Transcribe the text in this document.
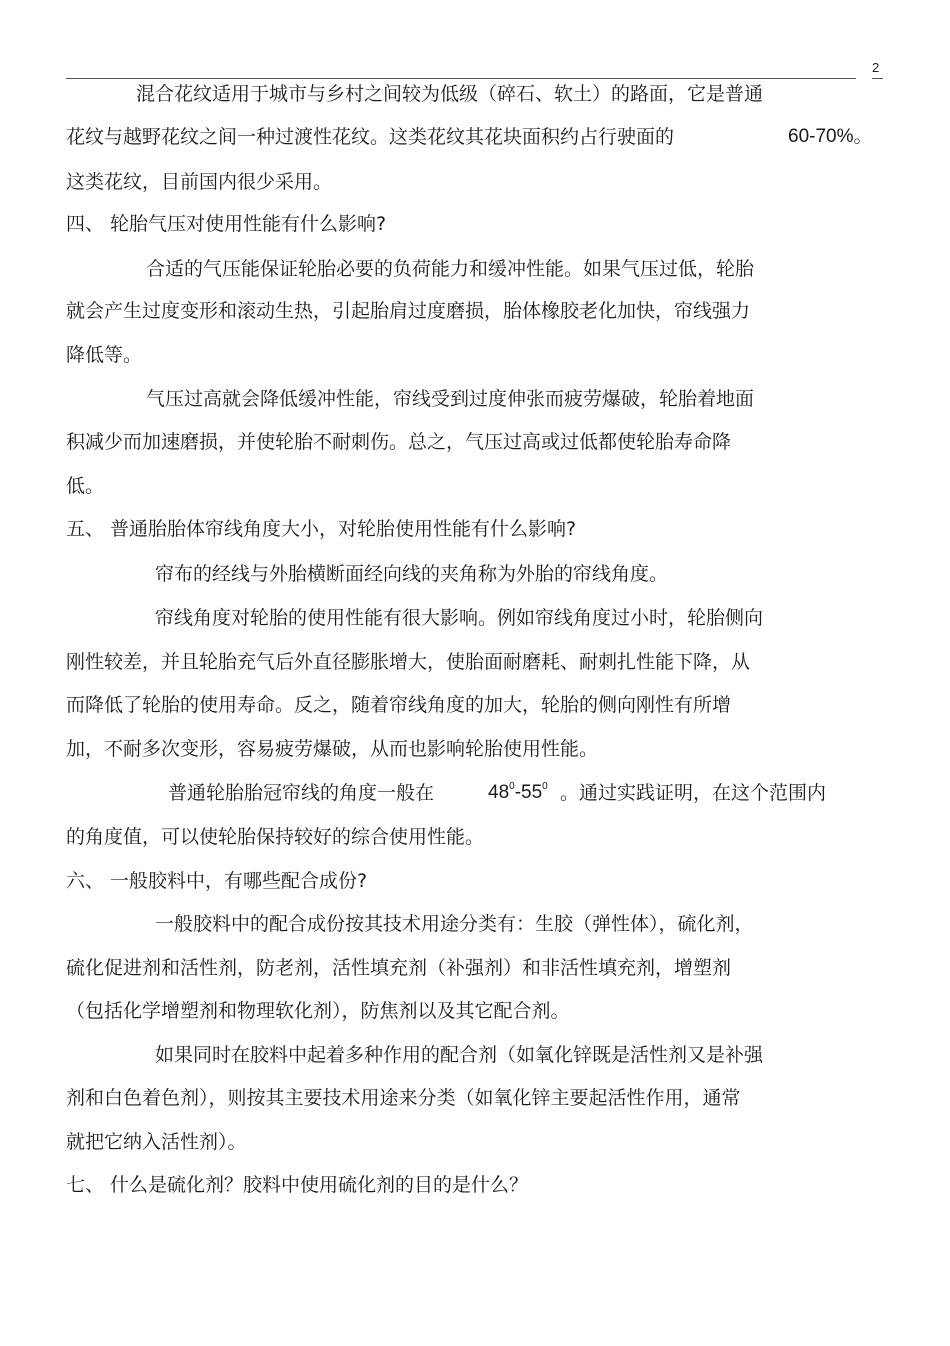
2
混合花纹适用于城市与乡村之间较为低级（碎石、软土）的路面，它是普通
花纹与越野花纹之间一种过渡性花纹。这类花纹其花块面积约占行驶面的	60-70%。
这类花纹，目前国内很少采用。
四、 轮胎气压对使用性能有什么影响?
合适的气压能保证轮胎必要的负荷能力和缓冲性能。如果气压过低，轮胎
就会产生过度变形和滚动生热，引起胎肩过度磨损，胎体橡胶老化加快，帘线强力
降低等。
气压过高就会降低缓冲性能，帘线受到过度伸张而疲劳爆破，轮胎着地面
积减少而加速磨损，并使轮胎不耐刺伤。总之，气压过高或过低都使轮胎寿命降
低。
五、 普通胎胎体帘线角度大小，对轮胎使用性能有什么影响?
帘布的经线与外胎横断面经向线的夹角称为外胎的帘线角度。
帘线角度对轮胎的使用性能有很大影响。例如帘线角度过小时，轮胎侧向
刚性较差，并且轮胎充气后外直径膨胀增大，使胎面耐磨耗、耐刺扎性能下降，从
而降低了轮胎的使用寿命。反之，随着帘线角度的加大，轮胎的侧向刚性有所增
加，不耐多次变形，容易疲劳爆破，从而也影响轮胎使用性能。
普通轮胎胎冠帘线的角度一般在	$48^0-55^0$ 。通过实践证明，在这个范围内
的角度值，可以使轮胎保持较好的综合使用性能。
六、 一般胶料中，有哪些配合成份?
一般胶料中的配合成份按其技术用途分类有：生胶（弹性体），硫化剂，
硫化促进剂和活性剂，防老剂，活性填充剂（补强剂）和非活性填充剂，增塑剂
（包括化学增塑剂和物理软化剂），防焦剂以及其它配合剂。
如果同时在胶料中起着多种作用的配合剂（如氧化锌既是活性剂又是补强
剂和白色着色剂），则按其主要技术用途来分类（如氧化锌主要起活性作用，通常
就把它纳入活性剂）。
七、 什么是硫化剂？胶料中使用硫化剂的目的是什么？
